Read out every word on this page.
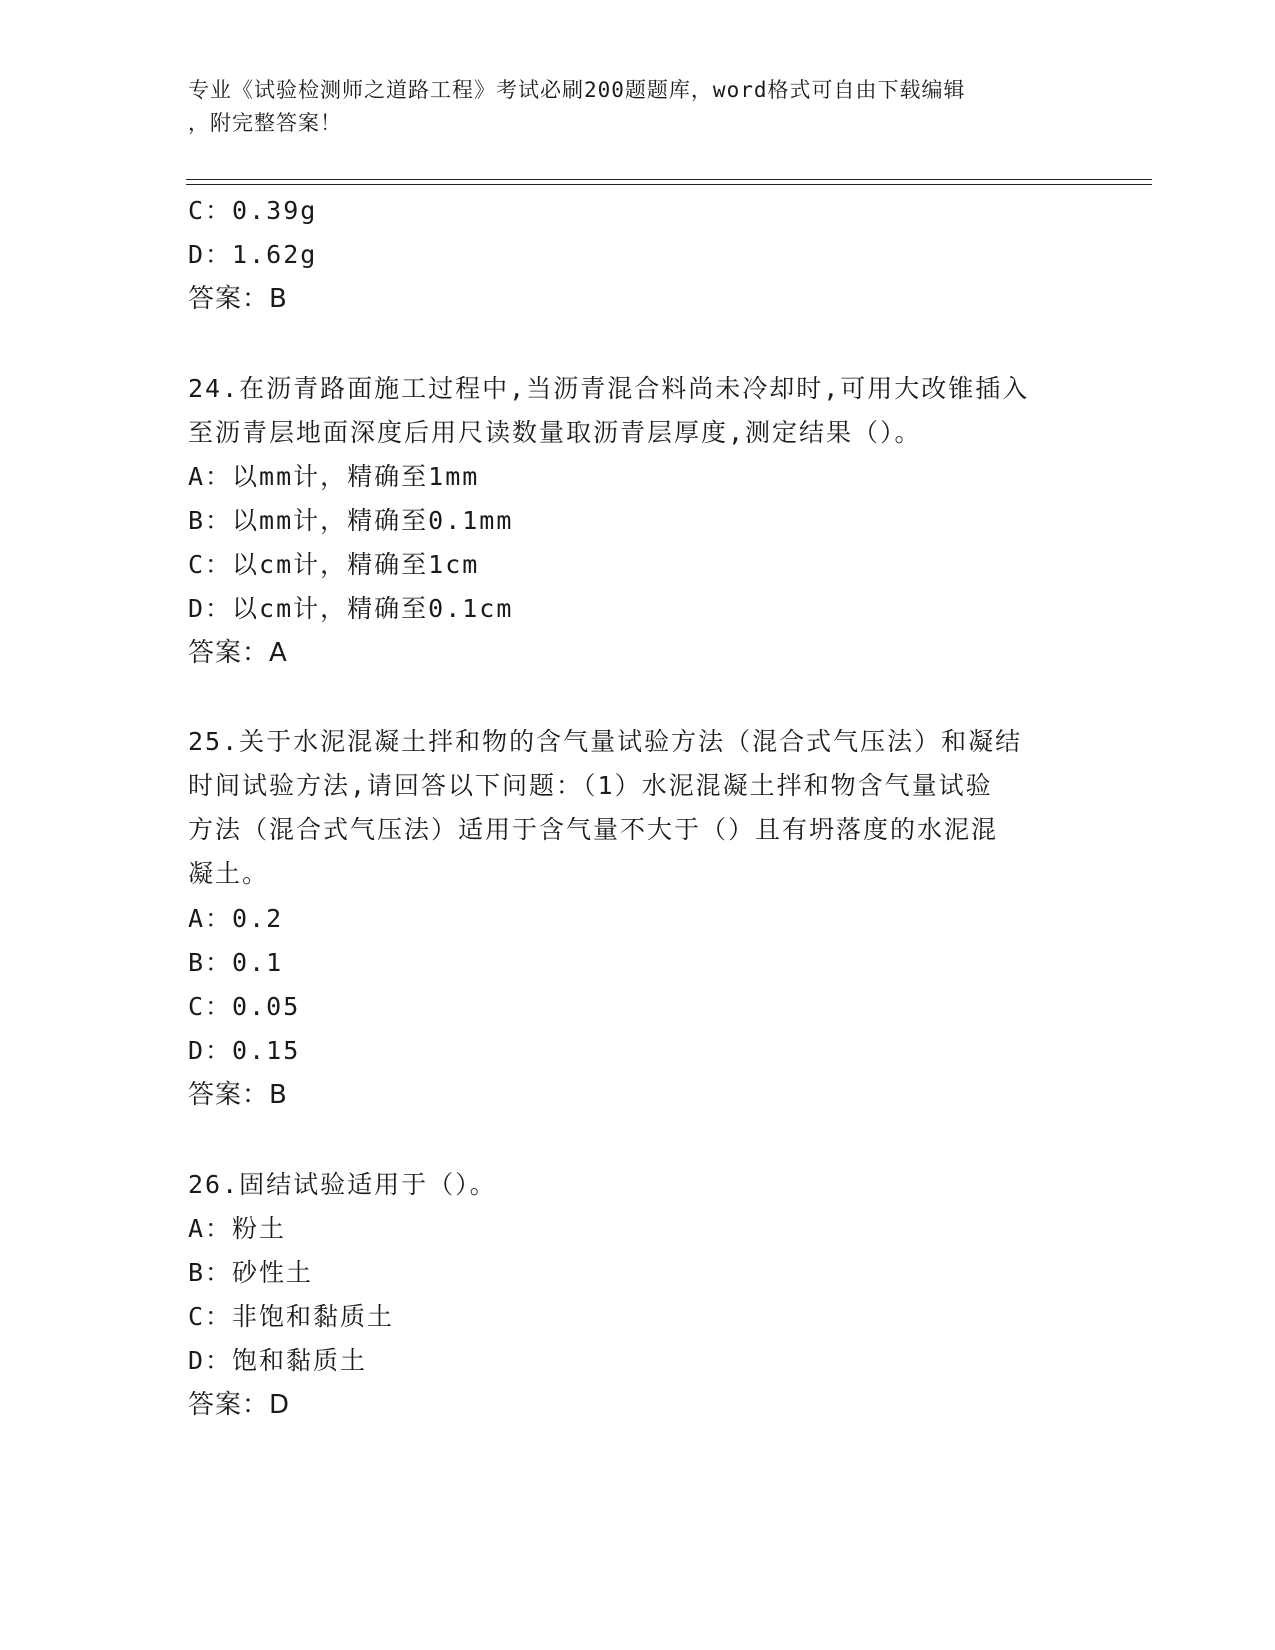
专业《试验检测师之道路工程》考试必刷200题题库，word格式可自由下载编辑
，附完整答案！
C：0.39g
D：1.62g
答案：B
24.在沥青路面施工过程中,当沥青混合料尚未冷却时,可用大改锥插入
至沥青层地面深度后用尺读数量取沥青层厚度,测定结果（）。
A：以mm计，精确至1mm
B：以mm计，精确至0.1mm
C：以cm计，精确至1cm
D：以cm计，精确至0.1cm
答案：A
25.关于水泥混凝土拌和物的含气量试验方法（混合式气压法）和凝结
时间试验方法,请回答以下问题：（1）水泥混凝土拌和物含气量试验
方法（混合式气压法）适用于含气量不大于（）且有坍落度的水泥混
凝土。
A：0.2
B：0.1
C：0.05
D：0.15
答案：B
26.固结试验适用于（）。
A：粉土
B：砂性土
C：非饱和黏质土
D：饱和黏质土
答案：D
